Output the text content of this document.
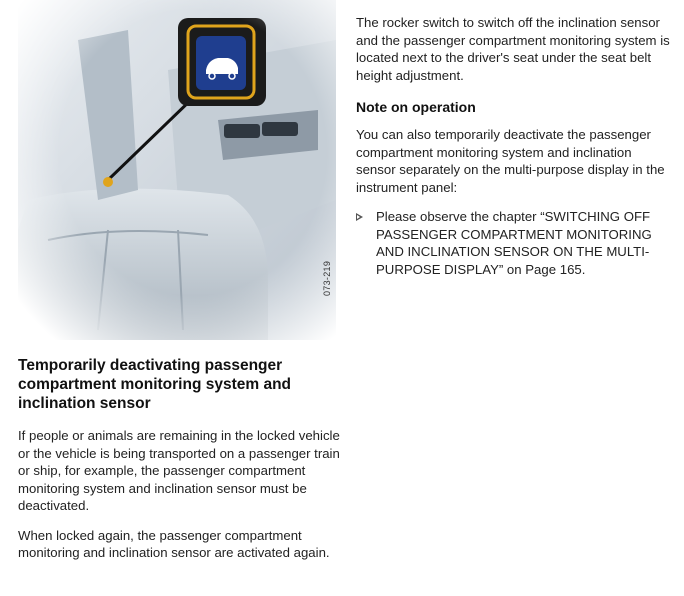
073-219
Temporarily deactivating passenger compartment monitoring system and inclination sensor

If people or animals are remaining in the locked vehicle or the vehicle is being transported on a passenger train or ship, for example, the passenger compartment monitoring system and inclination sensor must be deactivated.

When locked again, the passenger compartment monitoring and inclination sensor are activated again.

The rocker switch to switch off the inclination sensor and the passenger compartment monitoring system is located next to the driver's seat under the seat belt height adjustment.

Note on operation

You can also temporarily deactivate the passenger compartment monitoring system and inclination sensor separately on the multi-purpose display in the instrument panel:

Please observe the chapter “SWITCHING OFF PASSENGER COMPARTMENT MONITORING AND INCLINATION SENSOR ON THE MULTI-PURPOSE DISPLAY” on Page 165.
